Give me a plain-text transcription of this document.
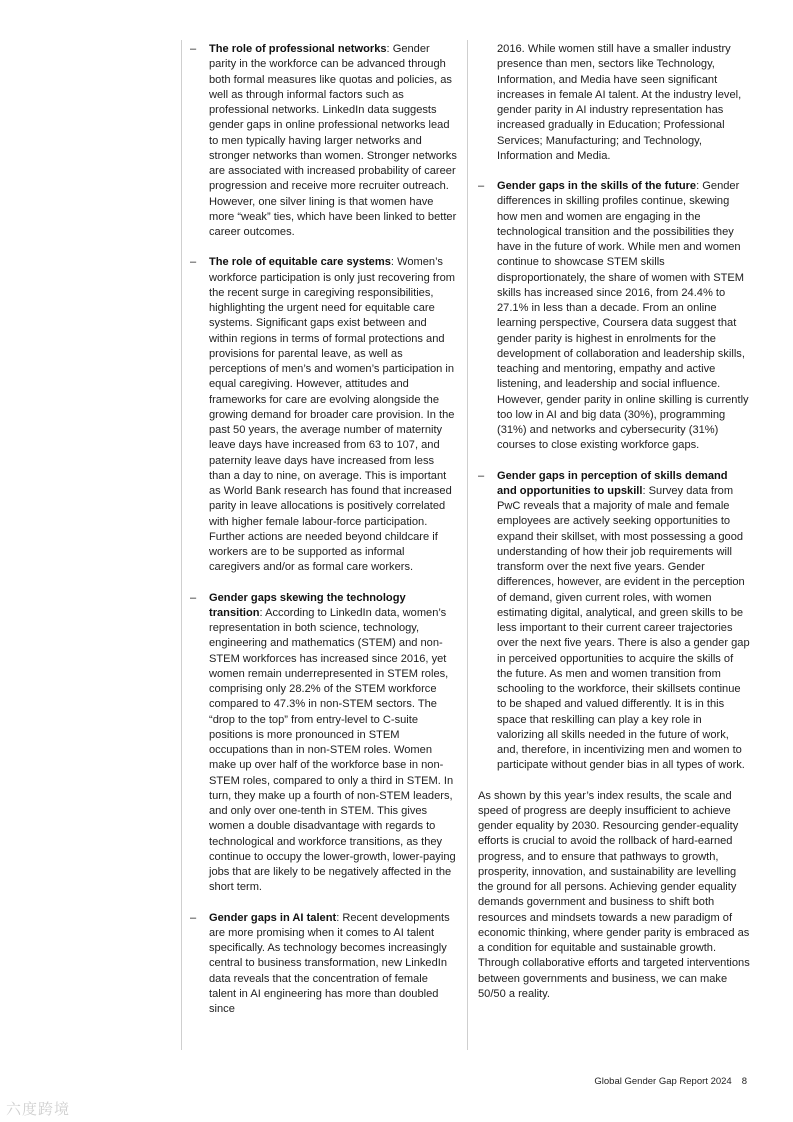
– The role of professional networks: Gender parity in the workforce can be advanced through both formal measures like quotas and policies, as well as through informal factors such as professional networks. LinkedIn data suggests gender gaps in online professional networks lead to men typically having larger networks and stronger networks than women. Stronger networks are associated with increased probability of career progression and receive more recruiter outreach. However, one silver lining is that women have more “weak” ties, which have been linked to better career outcomes.
– The role of equitable care systems: Women’s workforce participation is only just recovering from the recent surge in caregiving responsibilities, highlighting the urgent need for equitable care systems. Significant gaps exist between and within regions in terms of formal protections and provisions for parental leave, as well as perceptions of men’s and women’s participation in equal caregiving. However, attitudes and frameworks for care are evolving alongside the growing demand for broader care provision. In the past 50 years, the average number of maternity leave days have increased from 63 to 107, and paternity leave days have increased from less than a day to nine, on average. This is important as World Bank research has found that increased parity in leave allocations is positively correlated with higher female labour-force participation. Further actions are needed beyond childcare if workers are to be supported as informal caregivers and/or as formal care workers.
– Gender gaps skewing the technology transition: According to LinkedIn data, women’s representation in both science, technology, engineering and mathematics (STEM) and non-STEM workforces has increased since 2016, yet women remain underrepresented in STEM roles, comprising only 28.2% of the STEM workforce compared to 47.3% in non-STEM sectors. The “drop to the top” from entry-level to C-suite positions is more pronounced in STEM occupations than in non-STEM roles. Women make up over half of the workforce base in non-STEM roles, compared to only a third in STEM. In turn, they make up a fourth of non-STEM leaders, and only over one-tenth in STEM. This gives women a double disadvantage with regards to technological and workforce transitions, as they continue to occupy the lower-growth, lower-paying jobs that are likely to be negatively affected in the short term.
– Gender gaps in AI talent: Recent developments are more promising when it comes to AI talent specifically. As technology becomes increasingly central to business transformation, new LinkedIn data reveals that the concentration of female talent in AI engineering has more than doubled since
2016. While women still have a smaller industry presence than men, sectors like Technology, Information, and Media have seen significant increases in female AI talent. At the industry level, gender parity in AI industry representation has increased gradually in Education; Professional Services; Manufacturing; and Technology, Information and Media.
– Gender gaps in the skills of the future: Gender differences in skilling profiles continue, skewing how men and women are engaging in the technological transition and the possibilities they have in the future of work. While men and women continue to showcase STEM skills disproportionately, the share of women with STEM skills has increased since 2016, from 24.4% to 27.1% in less than a decade. From an online learning perspective, Coursera data suggest that gender parity is highest in enrolments for the development of collaboration and leadership skills, teaching and mentoring, empathy and active listening, and leadership and social influence. However, gender parity in online skilling is currently too low in AI and big data (30%), programming (31%) and networks and cybersecurity (31%) courses to close existing workforce gaps.
– Gender gaps in perception of skills demand and opportunities to upskill: Survey data from PwC reveals that a majority of male and female employees are actively seeking opportunities to expand their skillset, with most possessing a good understanding of how their job requirements will transform over the next five years. Gender differences, however, are evident in the perception of demand, given current roles, with women estimating digital, analytical, and green skills to be less important to their current career trajectories over the next five years. There is also a gender gap in perceived opportunities to acquire the skills of the future. As men and women transition from schooling to the workforce, their skillsets continue to be shaped and valued differently. It is in this space that reskilling can play a key role in valorizing all skills needed in the future of work, and, therefore, in incentivizing men and women to participate without gender bias in all types of work.

As shown by this year’s index results, the scale and speed of progress are deeply insufficient to achieve gender equality by 2030. Resourcing gender-equality efforts is crucial to avoid the rollback of hard-earned progress, and to ensure that pathways to growth, prosperity, innovation, and sustainability are levelling the ground for all persons. Achieving gender equality demands government and business to shift both resources and mindsets towards a new paradigm of economic thinking, where gender parity is embraced as a condition for equitable and sustainable growth. Through collaborative efforts and targeted interventions between governments and business, we can make 50/50 a reality.

Global Gender Gap Report 2024 8
六度跨境
